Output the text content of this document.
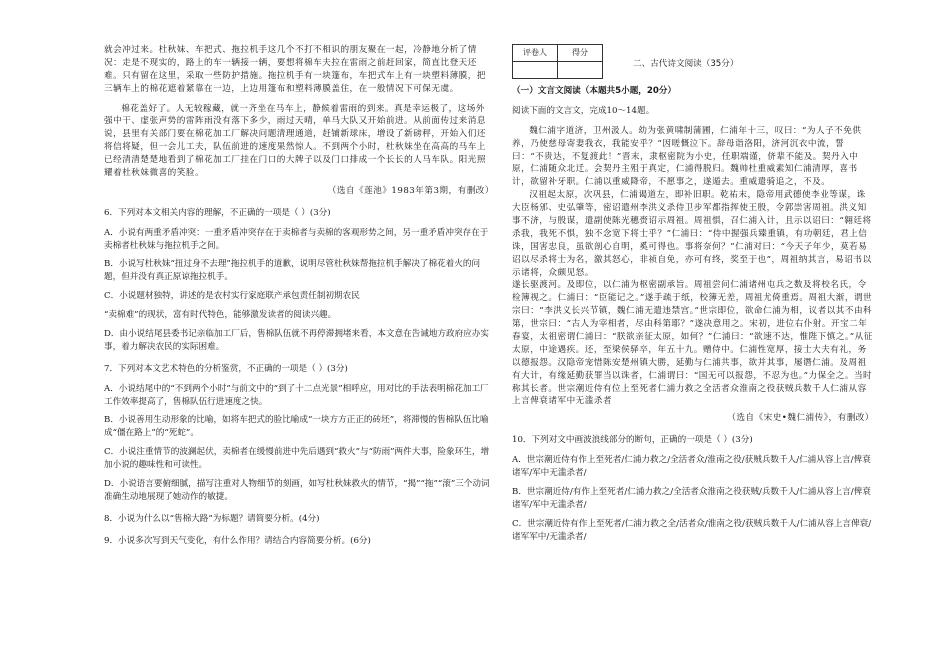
就会冲过来。杜秋妹、车把式、拖拉机手这几个不打不相识的朋友聚在一起，冷静地分析了情况：走是不现实的，路上的车一辆接一辆，要想将棉车夫拉在雷雨之前赶回家，简直比登天还难。只有留在这里，采取一些防护措施。拖拉机手有一块篷布，车把式车上有一块塑料薄膜，把三辆车上的棉花遮着紧靠在一边，上边用篷布和塑料薄膜盖住，在一般情况下可保无虞。

棉花盖好了。人无较稼藏，就一齐坐在马车上，静候着雷雨的到来。真是幸运极了，这场外强中干、虚张声势的雷阵雨没有落下多少，雨过天晴，单马大队又开始前进。从前面传过来消息说，县里有关部门要在棉花加工厂解决问题清理通道，赶铺新球床，增设了新磅秤，开始入们还将信将疑，但一会儿工夫，队伍前进的速度果然惊人。不到两个小时，杜秋妹坐在高高的马车上已经清清楚楚地看到了棉花加工厂挂在门口的大牌子以及门口排成一个长长的人马车队。阳光照耀着杜秋妹微喜的笑脸。

（选自《莲池》1983年第3期，有删改）

6．下列对本文相关内容的理解，不正确的一项是（ ）(3分)

A．小说有两重矛盾冲突：一重矛盾冲突存在于卖棉者与卖棉的客观形势之间，另一重矛盾冲突存在于卖棉者杜秋妹与拖拉机手之间。

B．小说写杜秋妹“扭过身不去理”拖拉机手的道歉，说明尽管杜秋妹帮拖拉机手解决了棉花着火的问题，但并没有真正原谅拖拉机手。

C．小说题材独特，讲述的是农村实行家庭联产承包责任制初期农民

“卖棉难”的现状，富有时代特色，能够激发读者的阅读兴趣。

D．由小说结尾县委书记亲临加工厂后，售棉队伍就不再停滞拥堵来看，本文意在告诫地方政府应办实事，着力解决农民的实际困难。

7．下列对本文艺术特色的分析鉴赏，不正确的一项是（ ）(3分)

A．小说结尾中的“不到两个小时”与前文中的“到了十二点光景”相呼应，用对比的手法表明棉花加工厂工作效率提高了，售棉队伍行进速度之快。

B．小说善用生动形象的比喻，如将车把式的脸比喻成“一块方方正正的砖坯”，将滞慢的售棉队伍比喻成“僵在路上”的“死蛇”。

C．小说注重情节的波澜起伏，卖棉者在缓慢前进中先后遇到“救火”与“防雨”两件大事，险象环生，增加小说的趣味性和可读性。

D．小说语言要俯细腻，描写注重对人物细节的刻画，如写杜秋妹救火的情节，“揭”“拖”“滚”三个动词准确生动地展现了她动作的敏捷。

8．小说为什么以“售棉大路”为标题？请简要分析。(4分)

9．小说多次写到天气变化，有什么作用？请结合内容简要分析。(6分)

评卷人	得分

二、古代诗文阅读（35分）

（一）文言文阅读（本题共5小题，20分）

阅读下面的文言文，完成10～14题。

魏仁浦字道济，卫州汲人。幼为张黄啸制蒲圃，仁浦年十三，叹曰：“为人子不免供养，乃使慈母寄妻我衣，我能安乎？”因嗟慨泣下。辞母诣洛阳，济河沉衣中流，誓曰：“不贵达，不复渡此！”晋末，隶枢密院为小史，任职端谨，侪辈不能及。契丹入中原，仁浦随众北迁。会契丹主殂于真定，仁浦得脱归。魏帅杜重威素知仁浦清厚，喜书计，欲留补牙职。仁浦以重威降帝，不愿事之，遂遁去。重威遣骑追之，不及。

汉祖起太原，次巩县，仁浦谒道左，即补旧职。乾祐末，隐帝用武德使李业等谋，诛大臣杨邠、史弘肇等，密诏遣州李洪义杀侍卫步军都指挥使王殷，令郭崇害周祖。洪义知事不济，与殷谋，遣副使陈光穗赍诏示周祖。周祖惧，召仁浦入计，且示以诏曰：“翱廷将杀我，我死不惧，独不念宽下将士乎？”仁浦曰：“侍中握强兵臻重镇，有功朝廷，君上信诛，国害忠良，虽欲剖心自明，奚可得也。事将奈何？”仁浦对曰：“今天子年少，莫若易诏以尽杀将士为名，激其怒心，非祯自免，亦可有终，奖至于也”，周祖纳其言，易诏书以示诸将，众颇见怒。

遂长驱渡河。及即位，以仁浦为枢密副承旨。周祖尝问仁浦诸州屯兵之数及将校名氏，令检簿视之。仁浦曰：“臣能记之。”遂手疏于纸，校簿无差，周祖尤倚重焉。周祖大渐，谓世宗曰：“李洪义长兴节镇，魏仁浦无遣违禁宫。”世宗即位，欲命仁浦为相，议者以其不由科第，世宗曰：“古人为宰相者，尽由科第耶？”遂决意用之。宋初，进位右仆射。开宝二年春宴，太祖密谓仁浦曰：“朕欲亲征太原，如何？”仁浦曰：“欲速不达，惟陛下慎之。”从征太原，中途遇疾。还，至梁侯驿卒，年五十九。赠侍中。仁浦性宽厚，接士大夫有礼，务以德报怨。汉隐帝宠惜陈安楚州镇大勝，延勤与仁浦共事，欲并其事，屡谮仁浦。及周祖有大计，有缘延勤获罪当以诛者，仁浦谓曰：“国无可以报怨，不忍为也。”力保全之。当时称其长者。世宗潮近侍有位上至死者仁浦力救之全活者众淮南之役获贼兵数千人仁浦从容上言俾衰诸军中无滥杀者

（选自《宋史•魏仁浦传》，有删改）

10．下列对文中画波浪线部分的断句，正确的一项是（ ）(3分)

A．世宗潮近侍有作上至死者/仁浦力救之/全活者众/淮南之役/获贼兵数千人/仁浦从容上言/俾衰诸军/军中无滥杀者/

B．世宗潮近侍/有作上至死者/仁浦力救之/全活者众淮南之役获贼/兵数千人/仁浦从容上言/俾衰诸军/军中无滥杀者/

C．世宗潮近侍有作上至死者/仁浦力救之全/活者众/淮南之役/获贼兵数千人/仁浦从容上言俾衰/诸军军中/无滥杀者/
